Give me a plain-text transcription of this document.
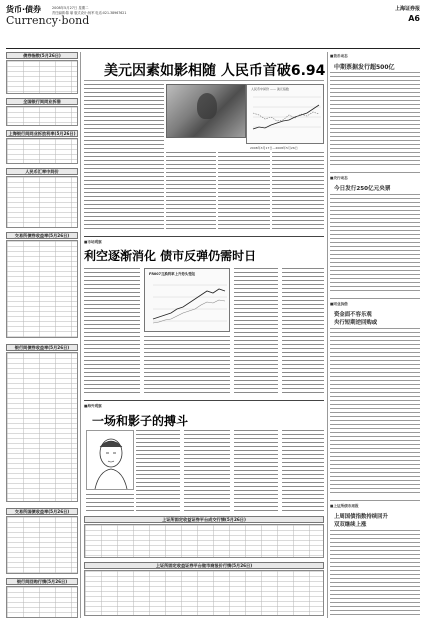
货币·债券	2008年5月27日 星期二
责任编辑:陈 瑜 版式设计:杨军 电话:021-38967621
Currency·bond
上海证券报
A6
债券指数(5月26日)
全国银行间同业拆借
上海银行间同业拆放利率(5月26日)
人民币汇率中间价
交易所债券收益率(5月26日)
银行间债券收益率(5月26日)
交易所国债收益率(5月26日)
银行间回购行情(5月26日)
美元因素如影相随 人民币首破6.94
人民币中间价 —— 美元指数
2008年3月17日—2008年5月26日
■市场观察
利空逐渐消化 债市反弹仍需时日
FR007互换利率上升势头受阻
■海外观察
一场和影子的搏斗
上证所固定收益证券平台成交行情(5月26日)
上证所固定收益证券平台做市商报价行情(5月26日)
■货币动态
中期票据发行超500亿
■央行动态
今日发行250亿元央票
■同业拆借
资金面不容乐观
央行短期逆回购或
■上证所债市周报
上周国债指数持续回升
双双继续上涨
